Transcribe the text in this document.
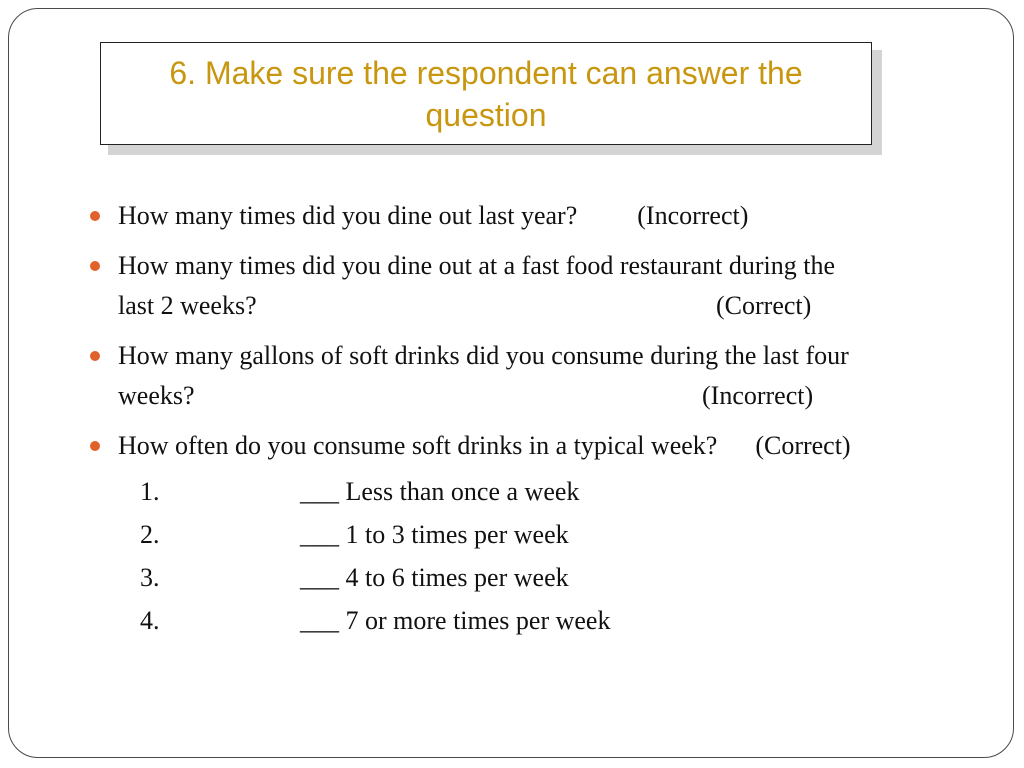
6. Make sure the respondent can answer the
question
How many times did you dine out last year? (Incorrect)
How many times did you dine out at a fast food restaurant during the
last 2 weeks?	(Correct)
How many gallons of soft drinks did you consume during the last four
weeks?	(Incorrect)
How often do you consume soft drinks in a typical week? (Correct)
1.	___ Less than once a week
2.	___ 1 to 3 times per week
3.	___ 4 to 6 times per week
4.	___ 7 or more times per week
